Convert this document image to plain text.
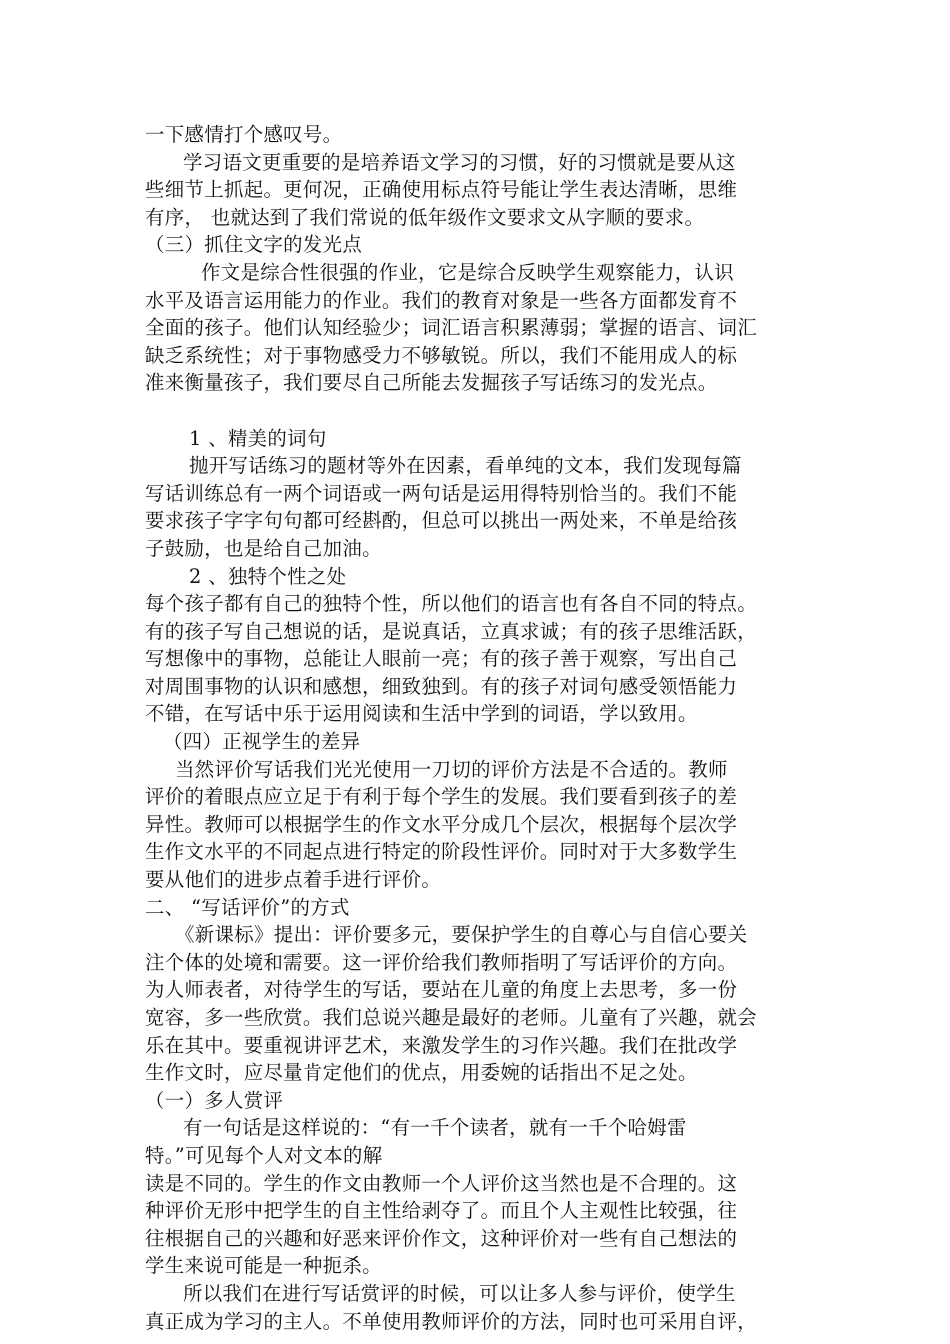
一下感情打个感叹号。
学习语文更重要的是培养语文学习的习惯，好的习惯就是要从这
些细节上抓起。更何况，正确使用标点符号能让学生表达清晰，思维
有序， 也就达到了我们常说的低年级作文要求文从字顺的要求。
（三）抓住文字的发光点
作文是综合性很强的作业，它是综合反映学生观察能力，认识
水平及语言运用能力的作业。我们的教育对象是一些各方面都发育不
全面的孩子。他们认知经验少；词汇语言积累薄弱；掌握的语言、词汇
缺乏系统性；对于事物感受力不够敏锐。所以，我们不能用成人的标
准来衡量孩子，我们要尽自己所能去发掘孩子写话练习的发光点。
1 、精美的词句
抛开写话练习的题材等外在因素，看单纯的文本，我们发现每篇
写话训练总有一两个词语或一两句话是运用得特别恰当的。我们不能
要求孩子字字句句都可经斟酌，但总可以挑出一两处来，不单是给孩
子鼓励，也是给自己加油。
2 、独特个性之处
每个孩子都有自己的独特个性，所以他们的语言也有各自不同的特点。
有的孩子写自己想说的话，是说真话，立真求诚；有的孩子思维活跃，
写想像中的事物，总能让人眼前一亮；有的孩子善于观察，写出自己
对周围事物的认识和感想，细致独到。有的孩子对词句感受领悟能力
不错，在写话中乐于运用阅读和生活中学到的词语，学以致用。
（四）正视学生的差异
当然评价写话我们光光使用一刀切的评价方法是不合适的。教师
评价的着眼点应立足于有利于每个学生的发展。我们要看到孩子的差
异性。教师可以根据学生的作文水平分成几个层次，根据每个层次学
生作文水平的不同起点进行特定的阶段性评价。同时对于大多数学生
要从他们的进步点着手进行评价。
二、 “写话评价”的方式
《新课标》提出：评价要多元，要保护学生的自尊心与自信心要关
注个体的处境和需要。这一评价给我们教师指明了写话评价的方向。
为人师表者，对待学生的写话，要站在儿童的角度上去思考，多一份
宽容，多一些欣赏。我们总说兴趣是最好的老师。儿童有了兴趣，就会
乐在其中。要重视讲评艺术，来激发学生的习作兴趣。我们在批改学
生作文时，应尽量肯定他们的优点，用委婉的话指出不足之处。
（一）多人赏评
有一句话是这样说的：“有一千个读者，就有一千个哈姆雷
特。”可见每个人对文本的解
读是不同的。学生的作文由教师一个人评价这当然也是不合理的。这
种评价无形中把学生的自主性给剥夺了。而且个人主观性比较强，往
往根据自己的兴趣和好恶来评价作文，这种评价对一些有自己想法的
学生来说可能是一种扼杀。
所以我们在进行写话赏评的时候，可以让多人参与评价，使学生
真正成为学习的主人。不单使用教师评价的方法，同时也可采用自评，
